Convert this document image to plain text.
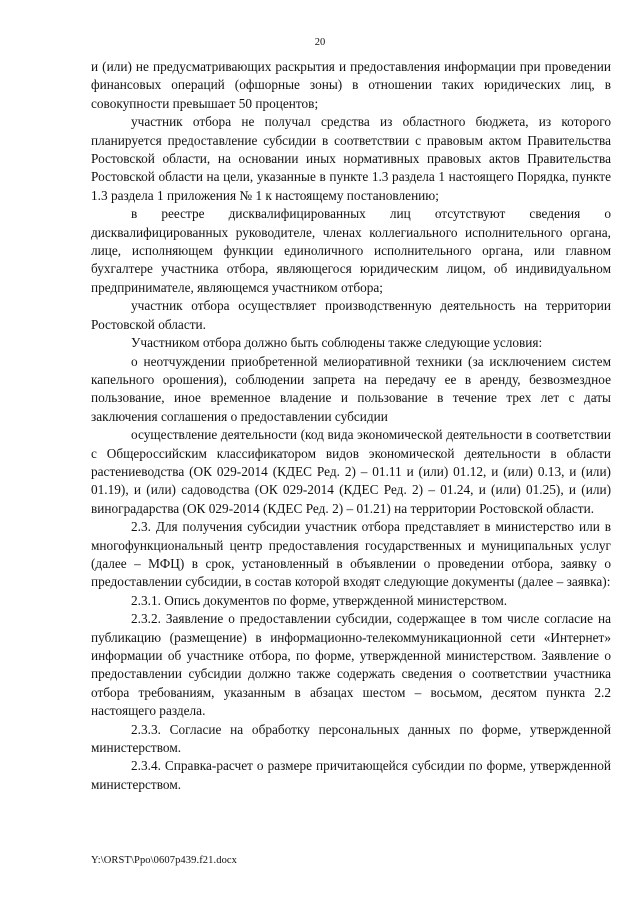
20

и (или) не предусматривающих раскрытия и предоставления информации при проведении финансовых операций (офшорные зоны) в отношении таких юридических лиц, в совокупности превышает 50 процентов;

участник отбора не получал средства из областного бюджета, из которого планируется предоставление субсидии в соответствии с правовым актом Правительства Ростовской области, на основании иных нормативных правовых актов Правительства Ростовской области на цели, указанные в пункте 1.3 раздела 1 настоящего Порядка, пункте 1.3 раздела 1 приложения № 1 к настоящему постановлению;

в реестре дисквалифицированных лиц отсутствуют сведения о дисквалифицированных руководителе, членах коллегиального исполнительного органа, лице, исполняющем функции единоличного исполнительного органа, или главном бухгалтере участника отбора, являющегося юридическим лицом, об индивидуальном предпринимателе, являющемся участником отбора;

участник отбора осуществляет производственную деятельность на территории Ростовской области.

Участником отбора должно быть соблюдены также следующие условия:

о неотчуждении приобретенной мелиоративной техники (за исключением систем капельного орошения), соблюдении запрета на передачу ее в аренду, безвозмездное пользование, иное временное владение и пользование в течение трех лет с даты заключения соглашения о предоставлении субсидии

осуществление деятельности (код вида экономической деятельности в соответствии с Общероссийским классификатором видов экономической деятельности в области растениеводства (ОК 029-2014 (КДЕС Ред. 2) – 01.11 и (или) 01.12, и (или) 0.13, и (или) 01.19), и (или) садоводства (ОК 029-2014 (КДЕС Ред. 2) – 01.24, и (или) 01.25), и (или) виноградарства (ОК 029-2014 (КДЕС Ред. 2) – 01.21) на территории Ростовской области.

2.3. Для получения субсидии участник отбора представляет в министерство или в многофункциональный центр предоставления государственных и муниципальных услуг (далее – МФЦ) в срок, установленный в объявлении о проведении отбора, заявку о предоставлении субсидии, в состав которой входят следующие документы (далее – заявка):

2.3.1. Опись документов по форме, утвержденной министерством.

2.3.2. Заявление о предоставлении субсидии, содержащее в том числе согласие на публикацию (размещение) в информационно-телекоммуникационной сети «Интернет» информации об участнике отбора, по форме, утвержденной министерством. Заявление о предоставлении субсидии должно также содержать сведения о соответствии участника отбора требованиям, указанным в абзацах шестом – восьмом, десятом пункта 2.2 настоящего раздела.

2.3.3. Согласие на обработку персональных данных по форме, утвержденной министерством.

2.3.4. Справка-расчет о размере причитающейся субсидии по форме, утвержденной министерством.

Y:\ORST\Ppo\0607p439.f21.docx
